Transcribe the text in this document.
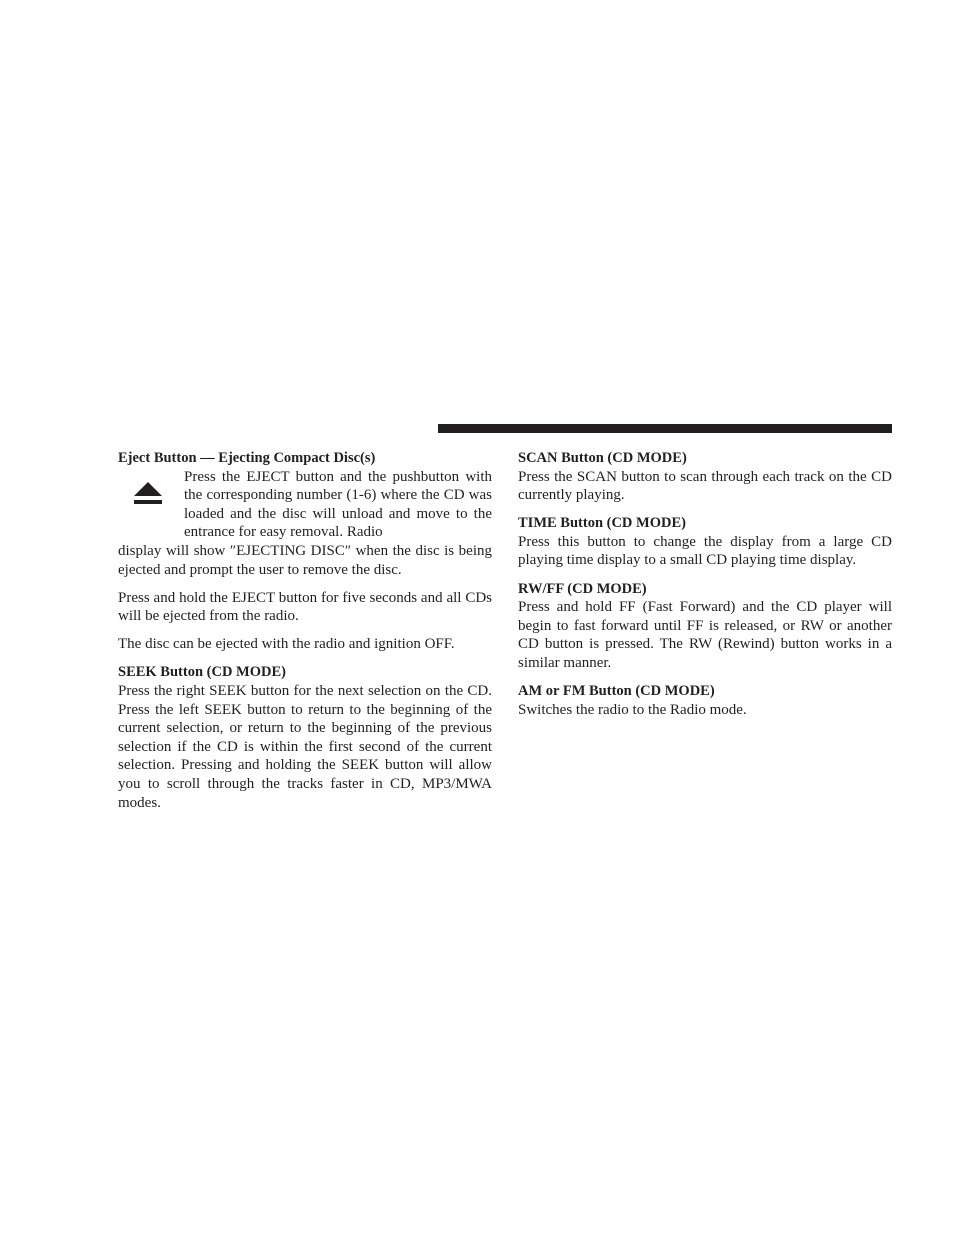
Eject Button — Ejecting Compact Disc(s)

Press the EJECT button and the pushbutton with the corresponding number (1-6) where the CD was loaded and the disc will unload and move to the entrance for easy removal. Radio

display will show ″EJECTING DISC″ when the disc is being ejected and prompt the user to remove the disc.

Press and hold the EJECT button for five seconds and all CDs will be ejected from the radio.

The disc can be ejected with the radio and ignition OFF.

SEEK Button (CD MODE)

Press the right SEEK button for the next selection on the CD. Press the left SEEK button to return to the beginning of the current selection, or return to the beginning of the previous selection if the CD is within the first second of the current selection. Pressing and holding the SEEK button will allow you to scroll through the tracks faster in CD, MP3/MWA modes.

SCAN Button (CD MODE)

Press the SCAN button to scan through each track on the CD currently playing.

TIME Button (CD MODE)

Press this button to change the display from a large CD playing time display to a small CD playing time display.

RW/FF (CD MODE)

Press and hold FF (Fast Forward) and the CD player will begin to fast forward until FF is released, or RW or another CD button is pressed. The RW (Rewind) button works in a similar manner.

AM or FM Button (CD MODE)

Switches the radio to the Radio mode.
